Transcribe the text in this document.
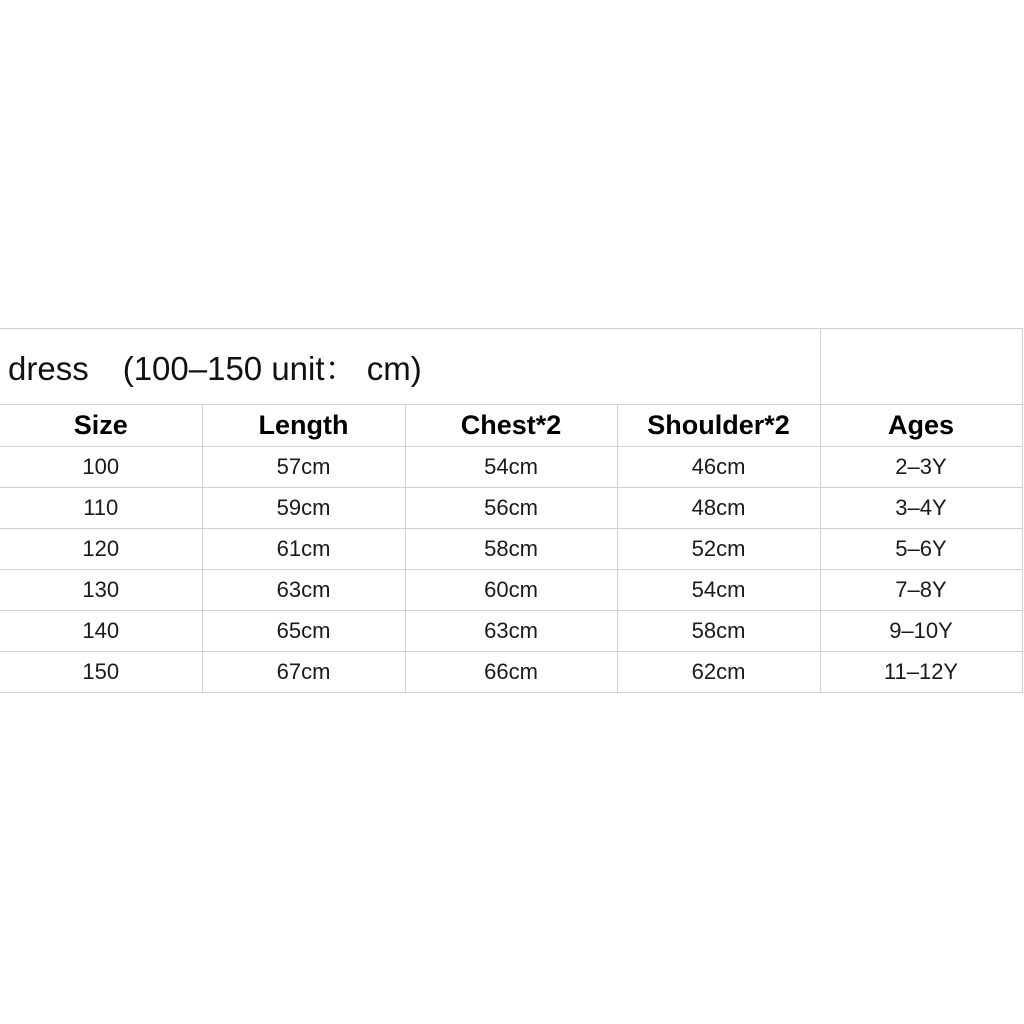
dress (100–150 unit： cm)				
Size	Length	Chest*2	Shoulder*2	Ages
100	57cm	54cm	46cm	2–3Y
110	59cm	56cm	48cm	3–4Y
120	61cm	58cm	52cm	5–6Y
130	63cm	60cm	54cm	7–8Y
140	65cm	63cm	58cm	9–10Y
150	67cm	66cm	62cm	11–12Y
